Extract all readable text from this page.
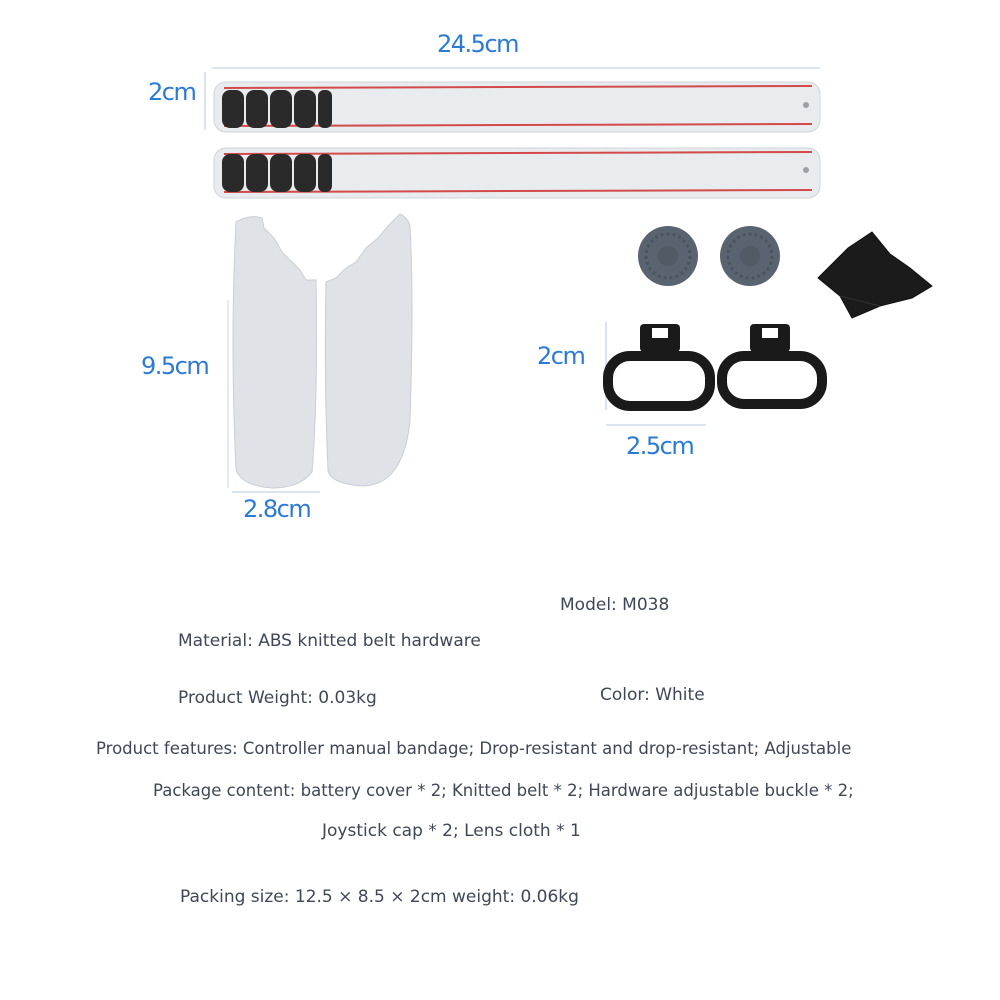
24.5cm
2cm
9.5cm
2.8cm
2cm
2.5cm
Model: M038
Material: ABS knitted belt hardware
Product Weight: 0.03kg	Color: White
Product features: Controller manual bandage; Drop-resistant and drop-resistant; Adjustable
Package content: battery cover * 2; Knitted belt * 2; Hardware adjustable buckle * 2;
Joystick cap * 2; Lens cloth * 1
Packing size: 12.5 × 8.5 × 2cm weight: 0.06kg
